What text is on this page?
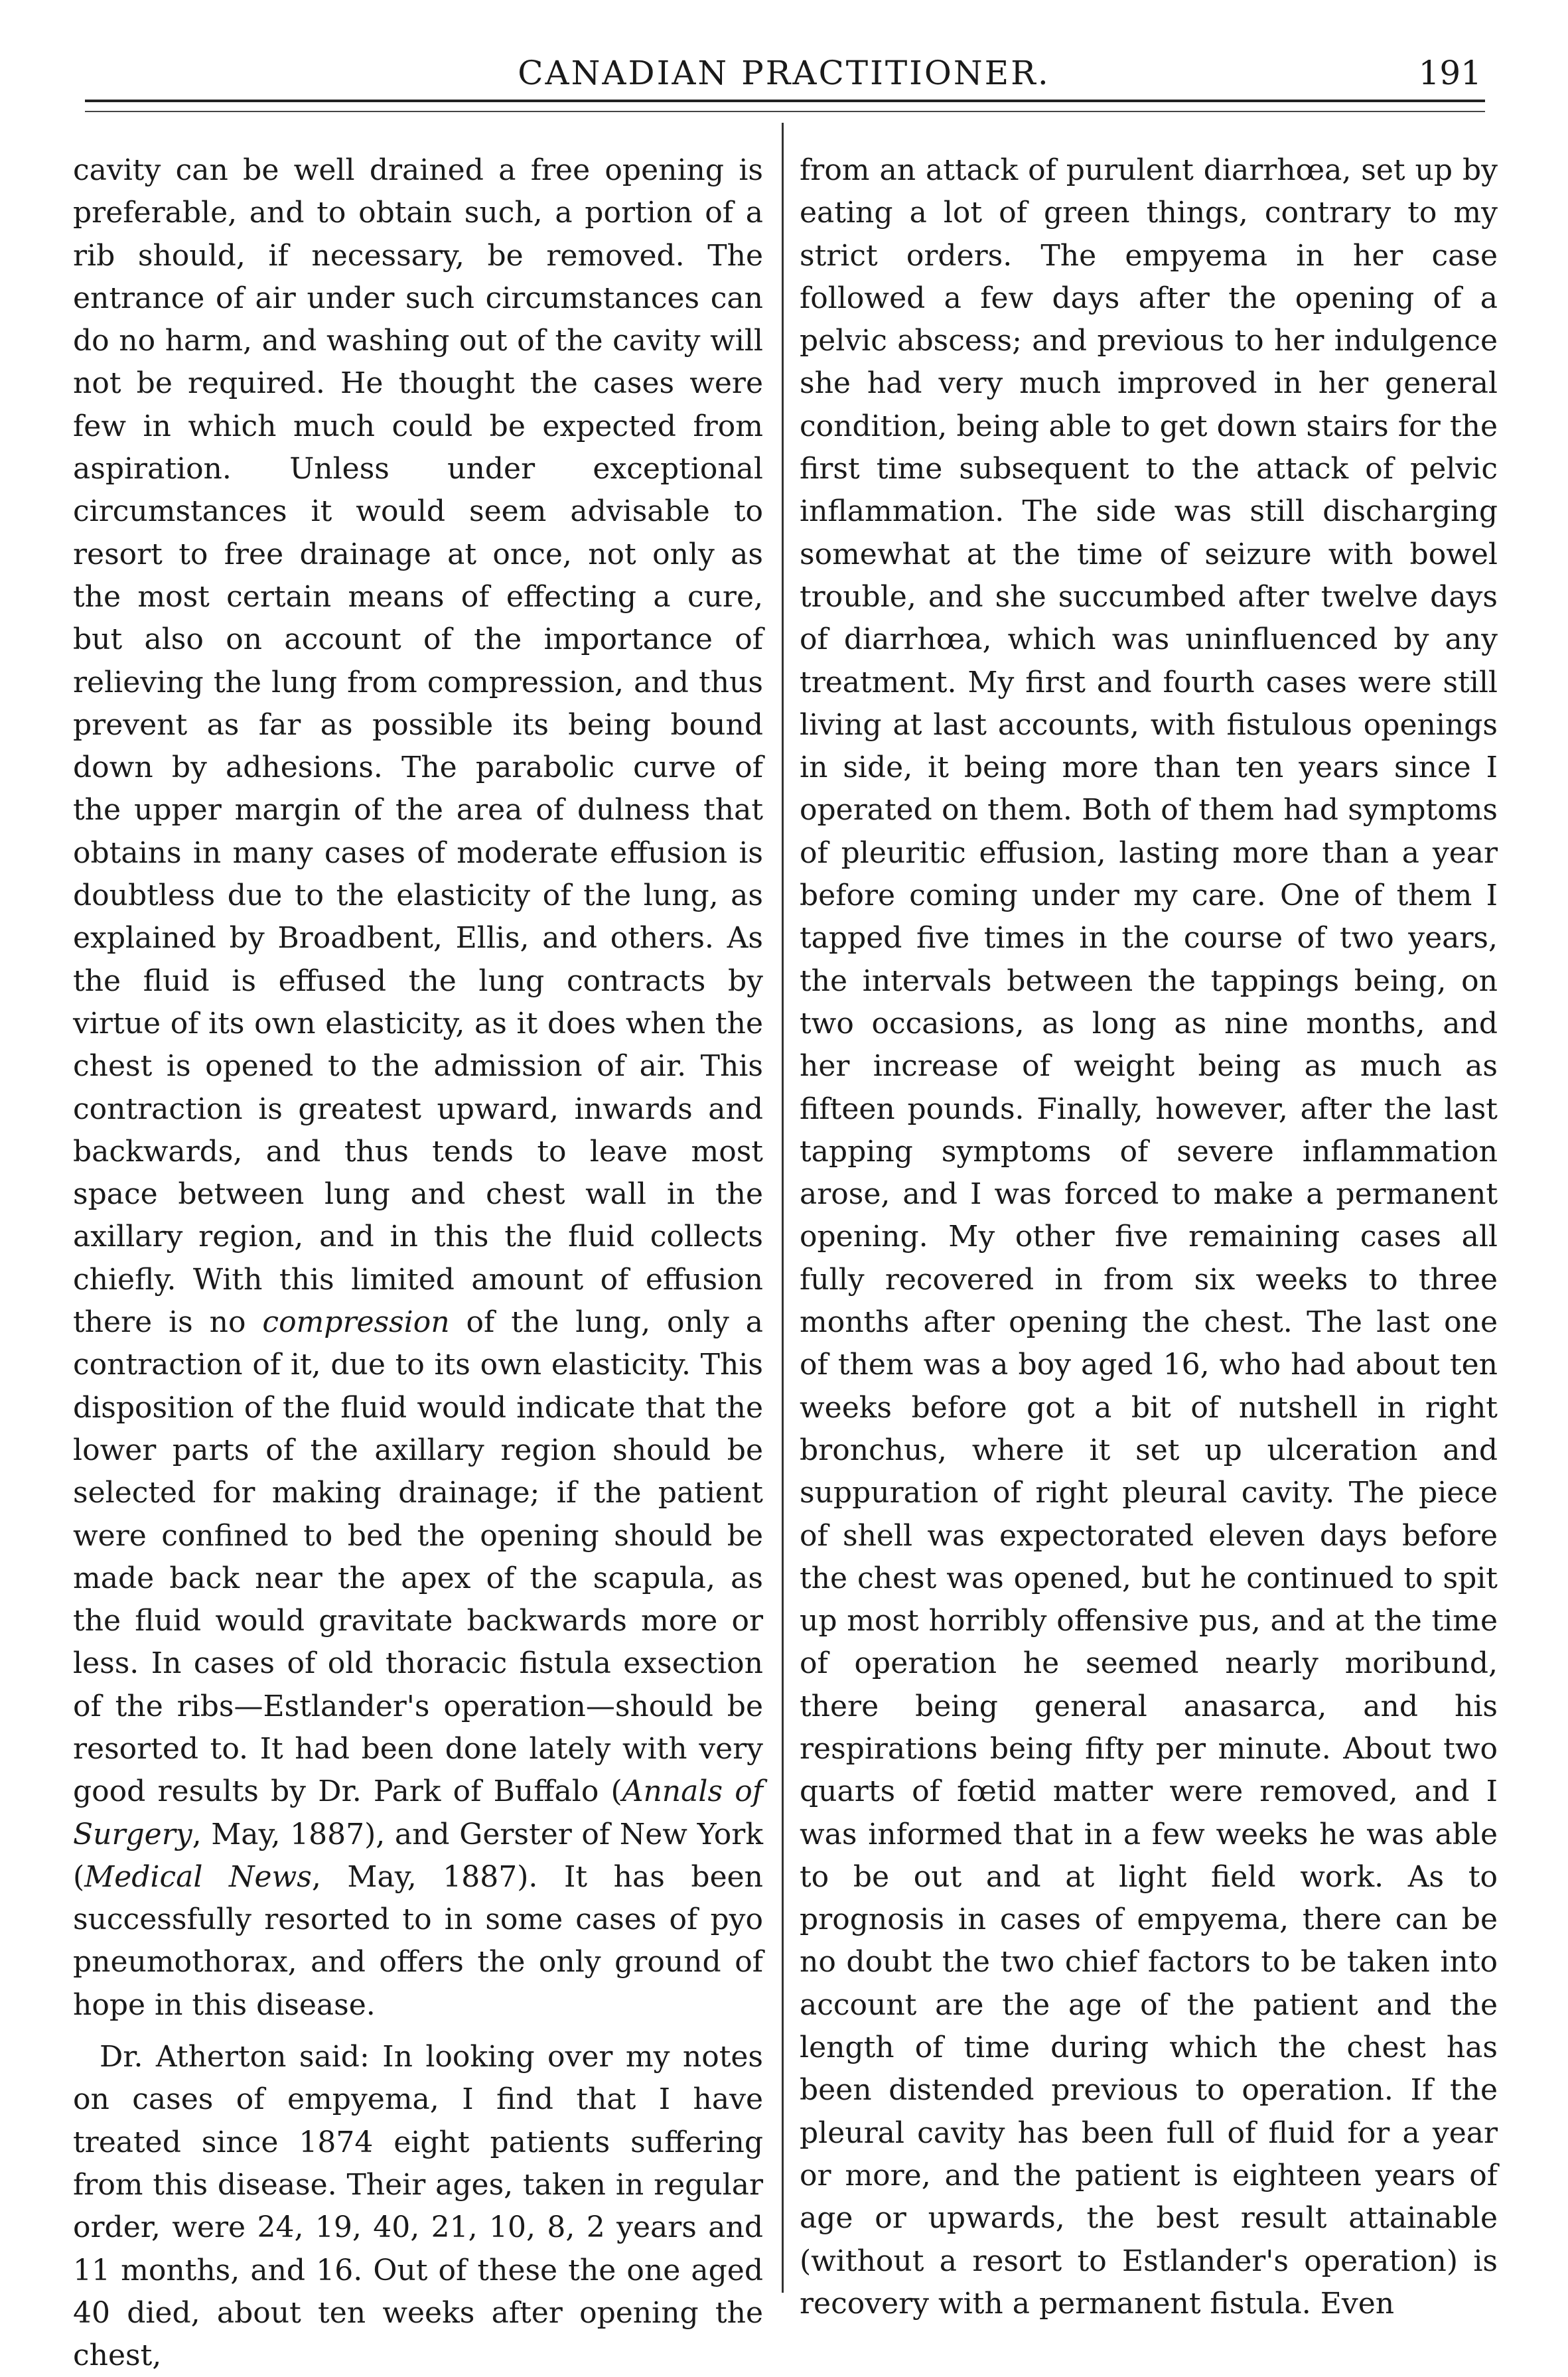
CANADIAN PRACTITIONER.	191

cavity can be well drained a free opening is preferable, and to obtain such, a portion of a rib should, if necessary, be removed. The entrance of air under such circumstances can do no harm, and washing out of the cavity will not be required. He thought the cases were few in which much could be expected from aspiration. Unless under exceptional circumstances it would seem advisable to resort to free drainage at once, not only as the most certain means of effecting a cure, but also on account of the importance of relieving the lung from compression, and thus prevent as far as possible its being bound down by adhesions. The parabolic curve of the upper margin of the area of dulness that obtains in many cases of moderate effusion is doubtless due to the elasticity of the lung, as explained by Broadbent, Ellis, and others. As the fluid is effused the lung contracts by virtue of its own elasticity, as it does when the chest is opened to the admission of air. This contraction is greatest upward, inwards and backwards, and thus tends to leave most space between lung and chest wall in the axillary region, and in this the fluid collects chiefly. With this limited amount of effusion there is no compression of the lung, only a contraction of it, due to its own elasticity. This disposition of the fluid would indicate that the lower parts of the axillary region should be selected for making drainage; if the patient were confined to bed the opening should be made back near the apex of the scapula, as the fluid would gravitate backwards more or less. In cases of old thoracic fistula exsection of the ribs—Estlander's operation—should be resorted to. It had been done lately with very good results by Dr. Park of Buffalo (Annals of Surgery, May, 1887), and Gerster of New York (Medical News, May, 1887). It has been successfully resorted to in some cases of pyo pneumothorax, and offers the only ground of hope in this disease.

Dr. Atherton said: In looking over my notes on cases of empyema, I find that I have treated since 1874 eight patients suffering from this disease. Their ages, taken in regular order, were 24, 19, 40, 21, 10, 8, 2 years and 11 months, and 16. Out of these the one aged 40 died, about ten weeks after opening the chest,

from an attack of purulent diarrhœa, set up by eating a lot of green things, contrary to my strict orders. The empyema in her case followed a few days after the opening of a pelvic abscess; and previous to her indulgence she had very much improved in her general condition, being able to get down stairs for the first time subsequent to the attack of pelvic inflammation. The side was still discharging somewhat at the time of seizure with bowel trouble, and she succumbed after twelve days of diarrhœa, which was uninfluenced by any treatment. My first and fourth cases were still living at last accounts, with fistulous openings in side, it being more than ten years since I operated on them. Both of them had symptoms of pleuritic effusion, lasting more than a year before coming under my care. One of them I tapped five times in the course of two years, the intervals between the tappings being, on two occasions, as long as nine months, and her increase of weight being as much as fifteen pounds. Finally, however, after the last tapping symptoms of severe inflammation arose, and I was forced to make a permanent opening. My other five remaining cases all fully recovered in from six weeks to three months after opening the chest. The last one of them was a boy aged 16, who had about ten weeks before got a bit of nutshell in right bronchus, where it set up ulceration and suppuration of right pleural cavity. The piece of shell was expectorated eleven days before the chest was opened, but he continued to spit up most horribly offensive pus, and at the time of operation he seemed nearly moribund, there being general anasarca, and his respirations being fifty per minute. About two quarts of fœtid matter were removed, and I was informed that in a few weeks he was able to be out and at light field work. As to prognosis in cases of empyema, there can be no doubt the two chief factors to be taken into account are the age of the patient and the length of time during which the chest has been distended previous to operation. If the pleural cavity has been full of fluid for a year or more, and the patient is eighteen years of age or upwards, the best result attainable (without a resort to Estlander's operation) is recovery with a permanent fistula. Even
